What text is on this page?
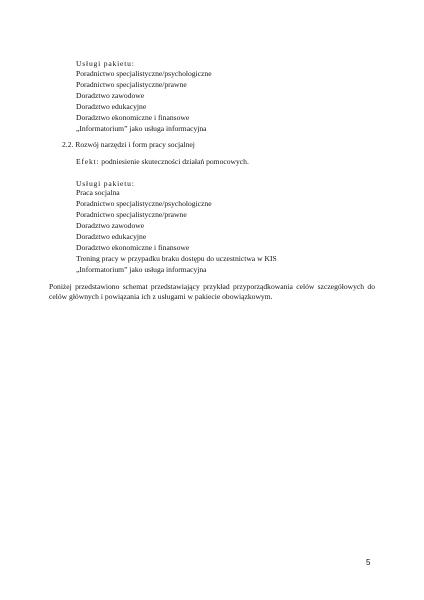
Usługi pakietu:
Poradnictwo specjalistyczne/psychologiczne
Poradnictwo specjalistyczne/prawne
Doradztwo zawodowe
Doradztwo edukacyjne
Doradztwo ekonomiczne i finansowe
„Informatorium” jako usługa informacyjna
2.2. Rozwój narzędzi i form pracy socjalnej
Efekt: podniesienie skuteczności działań pomocowych.
Usługi pakietu:
Praca socjalna
Poradnictwo specjalistyczne/psychologiczne
Poradnictwo specjalistyczne/prawne
Doradztwo zawodowe
Doradztwo edukacyjne
Doradztwo ekonomiczne i finansowe
Trening pracy w przypadku braku dostępu do uczestnictwa w KIS
„Informatorium” jako usługa informacyjna
Poniżej przedstawiono schemat przedstawiający przykład przyporządkowania celów szczegółowych do celów głównych i powiązania ich z usługami w pakiecie obowiązkowym.
5
